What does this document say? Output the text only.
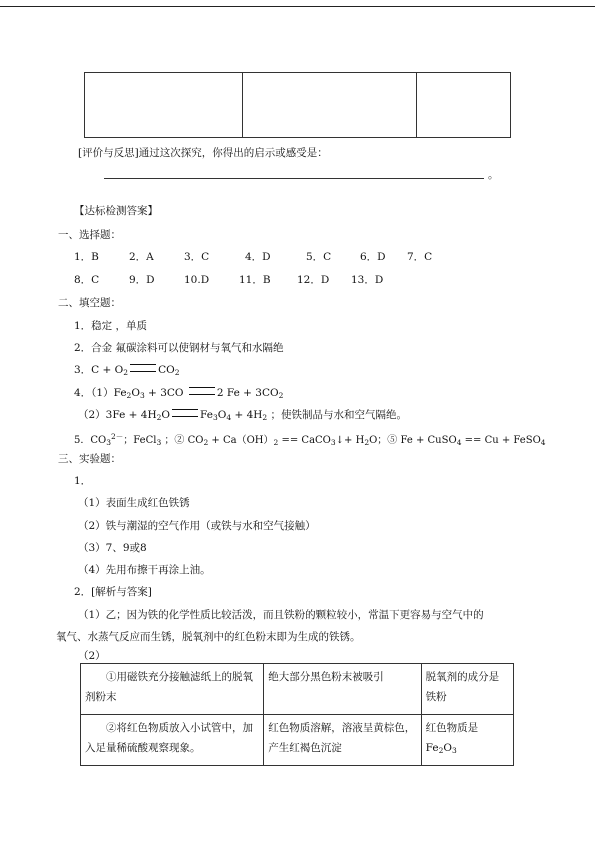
[评价与反思]通过这次探究，你得出的启示或感受是：
。
【达标检测答案】
一、选择题：
1．B	2．A	3．C	4．D	5．C	6．D 7．C
8．C	9．D	10.D	11．B	12．D 13．D
二、填空题：
1．稳定 ，单质
2．合金 氟碳涂料可以使钢材与氧气和水隔绝
3．$C + O_2$	$CO_2$
4．$(1)Fe_2O_3 + 3CO$	2 $Fe + 3CO_2$
$(2)3Fe + 4H_2O$	$Fe_3O_4 + 4H_2$ ；使铁制品与水和空气隔绝。
5．$CO_3^{2-}$；FeCl$_3$ ；② $CO_2 + Ca(OH)_2$ == CaCO$_3$↓+ $H_2O$；⑤ Fe + CuSO$_4$ == Cu + FeSO$_4$
三、实验题：
1．
（1）表面生成红色铁锈
（2）铁与潮湿的空气作用（或铁与水和空气接触）
（3）7、9或8
（4）先用布擦干再涂上油。
2．[解析与答案]
（1）乙；因为铁的化学性质比较活泼，而且铁粉的颗粒较小，常温下更容易与空气中的
氧气、水蒸气反应而生锈，脱氧剂中的红色粉末即为生成的铁锈。
（2）
①用磁铁充分接触滤纸上的脱氧剂粉末	绝大部分黑色粉末被吸引	脱氧剂的成分是铁粉
②将红色物质放入小试管中，加入足量稀硫酸观察现象。	红色物质溶解，溶液呈黄棕色，产生红褐色沉淀	红色物质是$Fe_2O_3$
